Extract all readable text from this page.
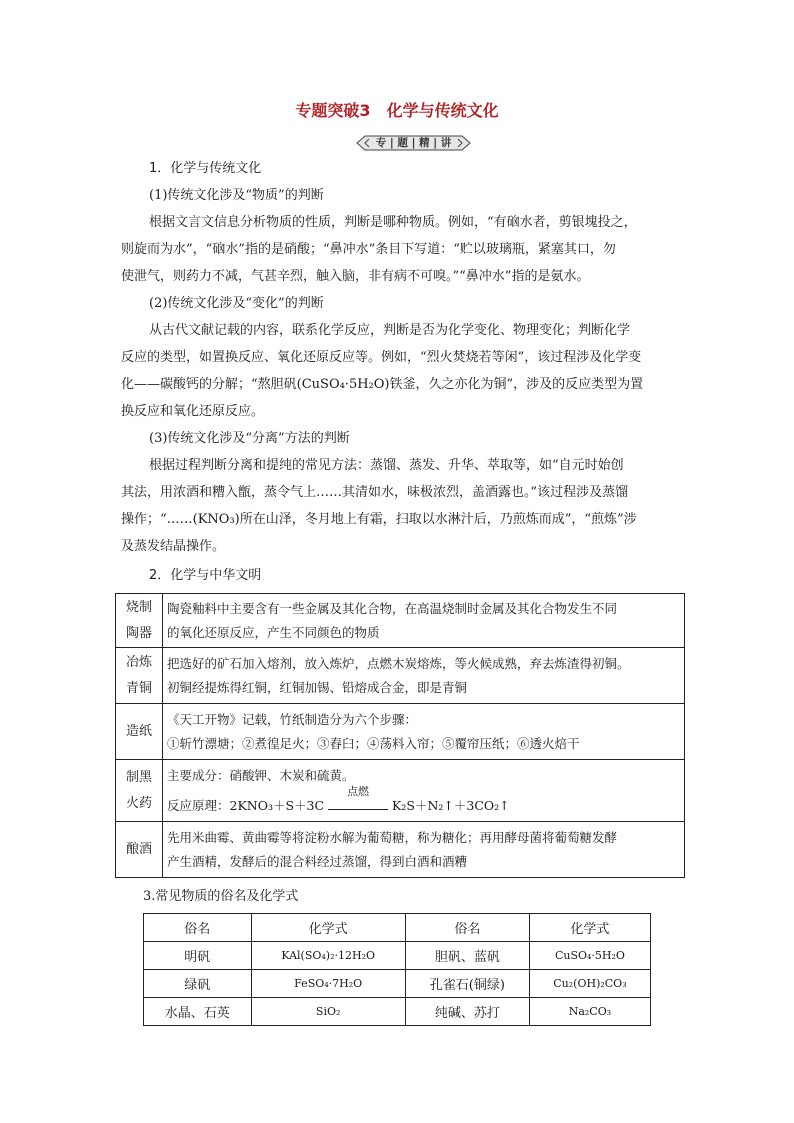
专题突破3 化学与传统文化
专 | 题 | 精 | 讲
1．化学与传统文化
(1)传统文化涉及“物质”的判断
根据文言文信息分析物质的性质，判断是哪种物质。例如，“有硇水者，剪银塊投之，
则旋而为水”，“硇水”指的是硝酸；“鼻冲水”条目下写道：“贮以玻璃瓶，紧塞其口，勿
使泄气，则药力不减，气甚辛烈，触入脑，非有病不可嗅。”“鼻冲水”指的是氨水。
(2)传统文化涉及“变化”的判断
从古代文献记载的内容，联系化学反应，判断是否为化学变化、物理变化；判断化学
反应的类型，如置换反应、氧化还原反应等。例如，“烈火焚烧若等闲”，该过程涉及化学变
化——碳酸钙的分解；“熬胆矾(CuSO₄·5H₂O)铁釜，久之亦化为铜”，涉及的反应类型为置
换反应和氧化还原反应。
(3)传统文化涉及“分离”方法的判断
根据过程判断分离和提纯的常见方法：蒸馏、蒸发、升华、萃取等，如“自元时始创
其法，用浓酒和糟入甑，蒸令气上……其清如水，味极浓烈，盖酒露也。”该过程涉及蒸馏
操作；“……(KNO₃)所在山泽，冬月地上有霜，扫取以水淋汁后，乃煎炼而成”，“煎炼”涉
及蒸发结晶操作。
2．化学与中华文明
烧制
陶器	陶瓷釉料中主要含有一些金属及其化合物，在高温烧制时金属及其化合物发生不同
的氧化还原反应，产生不同颜色的物质
冶炼
青铜	把选好的矿石加入熔剂，放入炼炉，点燃木炭熔炼，等火候成熟，弃去炼渣得初铜。
初铜经提炼得红铜，红铜加锡、铅熔成合金，即是青铜
造纸	《天工开物》记载，竹纸制造分为六个步骤：
①斩竹漂塘；②煮徨足火；③舂臼；④荡料入帘；⑤覆帘压纸；⑥透火焙干
制黑
火药	主要成分：硝酸钾、木炭和硫黄。
反应原理：2KNO₃＋S＋3C
点燃
K₂S＋N₂↑＋3CO₂↑
酿酒	先用米曲霉、黄曲霉等将淀粉水解为葡萄糖，称为糖化；再用酵母菌将葡萄糖发酵
产生酒精，发酵后的混合料经过蒸馏，得到白酒和酒糟
3.常见物质的俗名及化学式
俗名	化学式	俗名	化学式
明矾	KAl(SO₄)₂·12H₂O	胆矾、蓝矾	CuSO₄·5H₂O
绿矾	FeSO₄·7H₂O	孔雀石(铜绿)	Cu₂(OH)₂CO₃
水晶、石英	SiO₂	纯碱、苏打	Na₂CO₃
